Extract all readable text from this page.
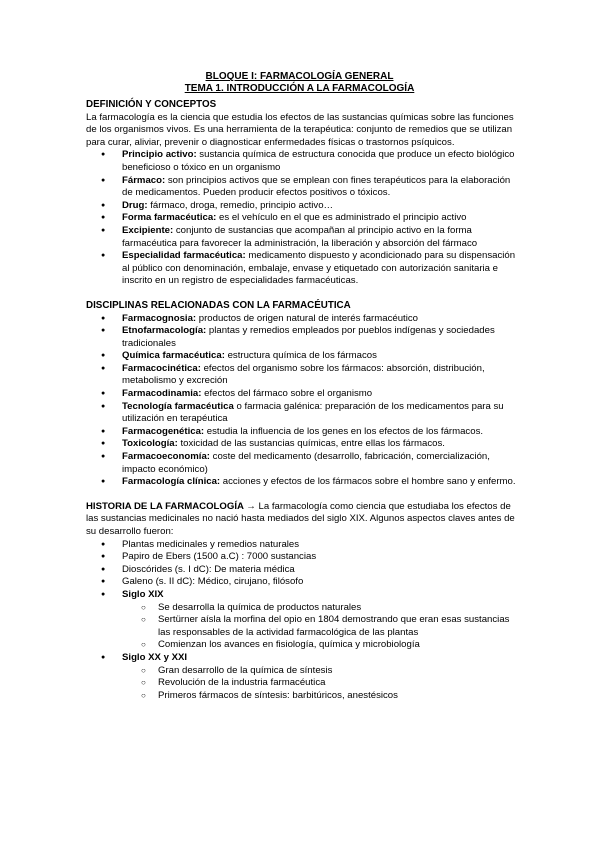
BLOQUE I: FARMACOLOGÍA GENERAL
TEMA 1. INTRODUCCIÓN A LA FARMACOLOGÍA
DEFINICIÓN Y CONCEPTOS

La farmacología es la ciencia que estudia los efectos de las sustancias químicas sobre las funciones de los organismos vivos. Es una herramienta de la terapéutica: conjunto de remedios que se utilizan para curar, aliviar, prevenir o diagnosticar enfermedades físicas o trastornos psíquicos.

● Principio activo: sustancia química de estructura conocida que produce un efecto biológico beneficioso o tóxico en un organismo
● Fármaco: son principios activos que se emplean con fines terapéuticos para la elaboración de medicamentos. Pueden producir efectos positivos o tóxicos.
● Drug: fármaco, droga, remedio, principio activo…
● Forma farmacéutica: es el vehículo en el que es administrado el principio activo
● Excipiente: conjunto de sustancias que acompañan al principio activo en la forma farmacéutica para favorecer la administración, la liberación y absorción del fármaco
● Especialidad farmacéutica: medicamento dispuesto y acondicionado para su dispensación al público con denominación, embalaje, envase y etiquetado con autorización sanitaria e inscrito en un registro de especialidades farmacéuticas.
DISCIPLINAS RELACIONADAS CON LA FARMACÉUTICA
● Farmacognosia: productos de origen natural de interés farmacéutico
● Etnofarmacología: plantas y remedios empleados por pueblos indígenas y sociedades tradicionales
● Química farmacéutica: estructura química de los fármacos
● Farmacocinética: efectos del organismo sobre los fármacos: absorción, distribución, metabolismo y excreción
● Farmacodinamia: efectos del fármaco sobre el organismo
● Tecnología farmacéutica o farmacia galénica: preparación de los medicamentos para su utilización en terapéutica
● Farmacogenética: estudia la influencia de los genes en los efectos de los fármacos.
● Toxicología: toxicidad de las sustancias químicas, entre ellas los fármacos.
● Farmacoeconomía: coste del medicamento (desarrollo, fabricación, comercialización, impacto económico)
● Farmacología clínica: acciones y efectos de los fármacos sobre el hombre sano y enfermo.

HISTORIA DE LA FARMACOLOGÍA → La farmacología como ciencia que estudiaba los efectos de las sustancias medicinales no nació hasta mediados del siglo XIX. Algunos aspectos claves antes de su desarrollo fueron:

● Plantas medicinales y remedios naturales
● Papiro de Ebers (1500 a.C) : 7000 sustancias
● Dioscórides (s. I dC): De materia médica
● Galeno (s. II dC): Médico, cirujano, filósofo
● Siglo XIX
○ Se desarrolla la química de productos naturales
○ Sertürner aísla la morfina del opio en 1804 demostrando que eran esas sustancias las responsables de la actividad farmacológica de las plantas
○ Comienzan los avances en fisiología, química y microbiología
● Siglo XX y XXI
○ Gran desarrollo de la química de síntesis
○ Revolución de la industria farmacéutica
○ Primeros fármacos de síntesis: barbitúricos, anestésicos
